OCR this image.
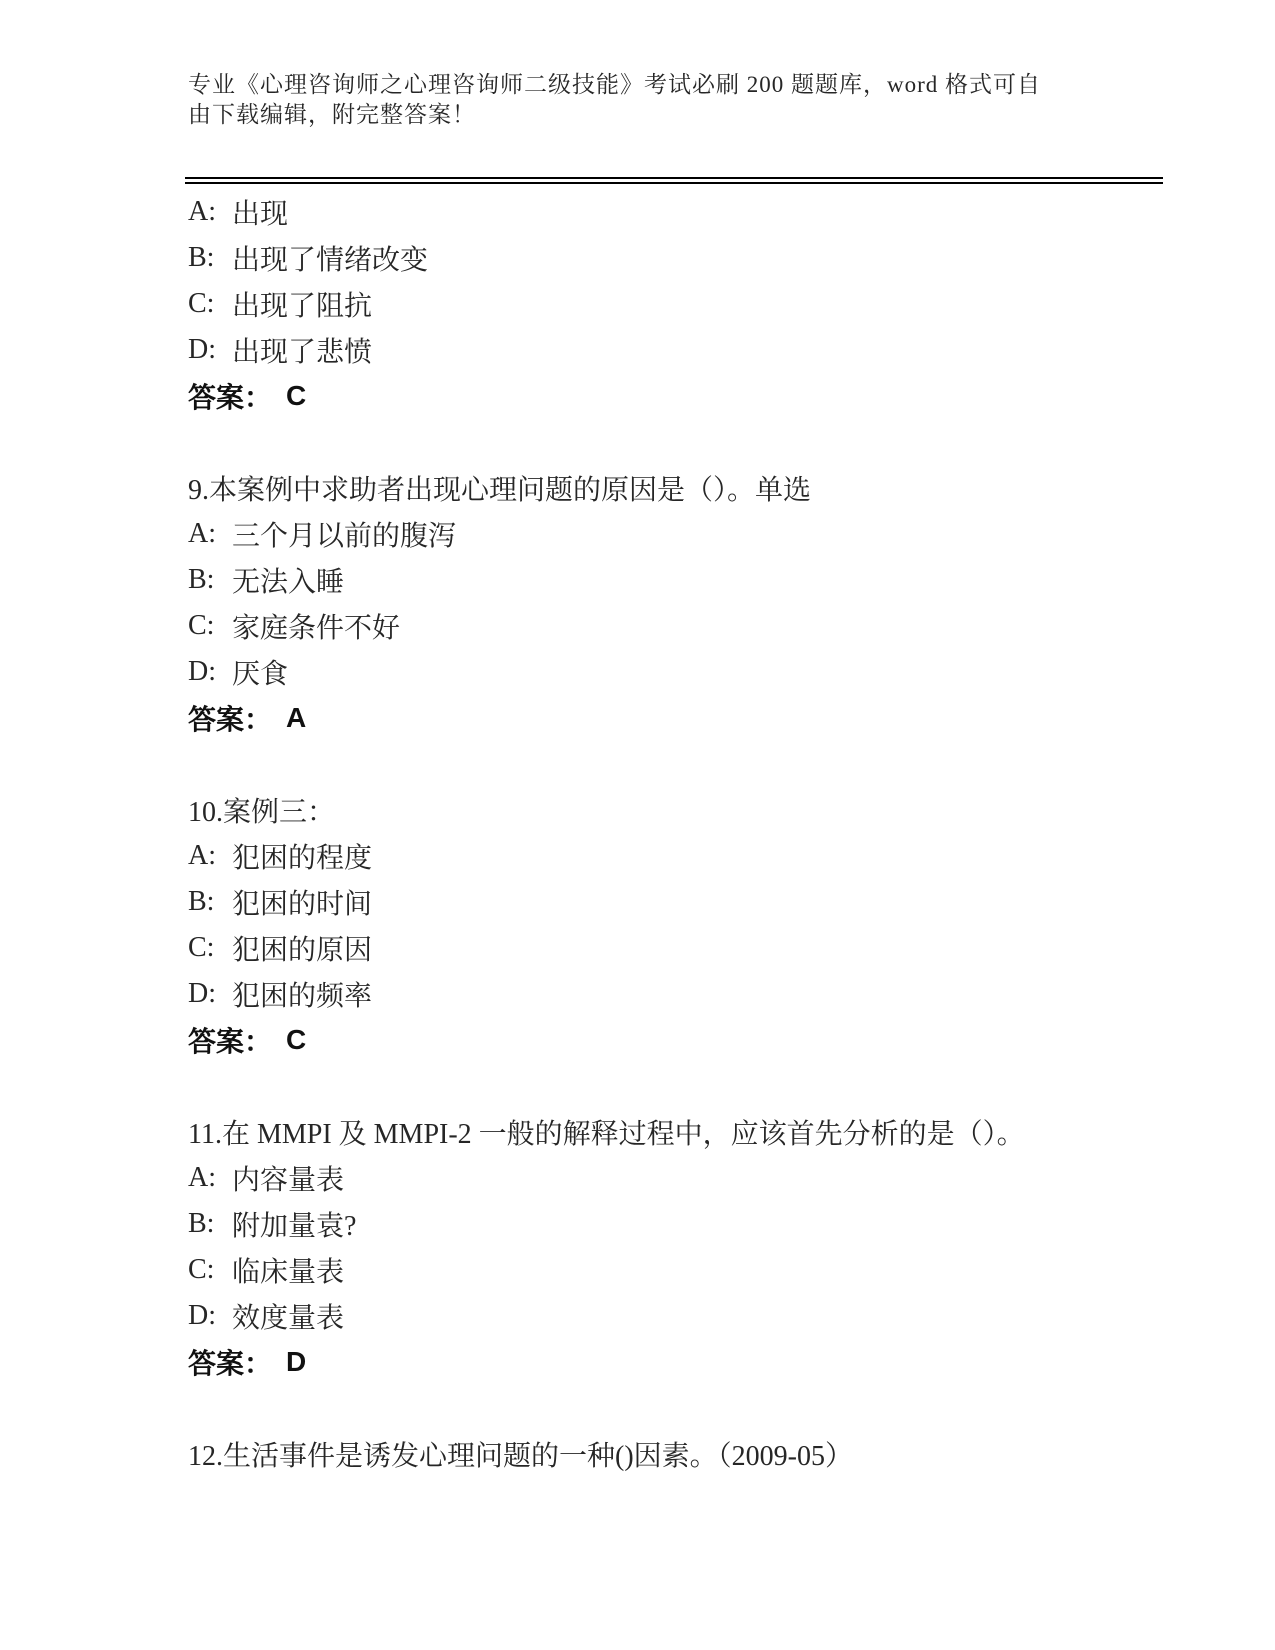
专业《心理咨询师之心理咨询师二级技能》考试必刷 200 题题库，word 格式可自
由下载编辑，附完整答案！
A: 出现
B: 出现了情绪改变
C: 出现了阻抗
D: 出现了悲愤
答案： C
9.本案例中求助者出现心理问题的原因是（）。单选
A: 三个月以前的腹泻
B: 无法入睡
C: 家庭条件不好
D: 厌食
答案： A
10.案例三：
A: 犯困的程度
B: 犯困的时间
C: 犯困的原因
D: 犯困的频率
答案： C
11.在 MMPI 及 MMPI-2 一般的解释过程中，应该首先分析的是（）。
A: 内容量表
B: 附加量袁?
C: 临床量表
D: 效度量表
答案： D
12.生活事件是诱发心理问题的一种()因素。（2009-05）
